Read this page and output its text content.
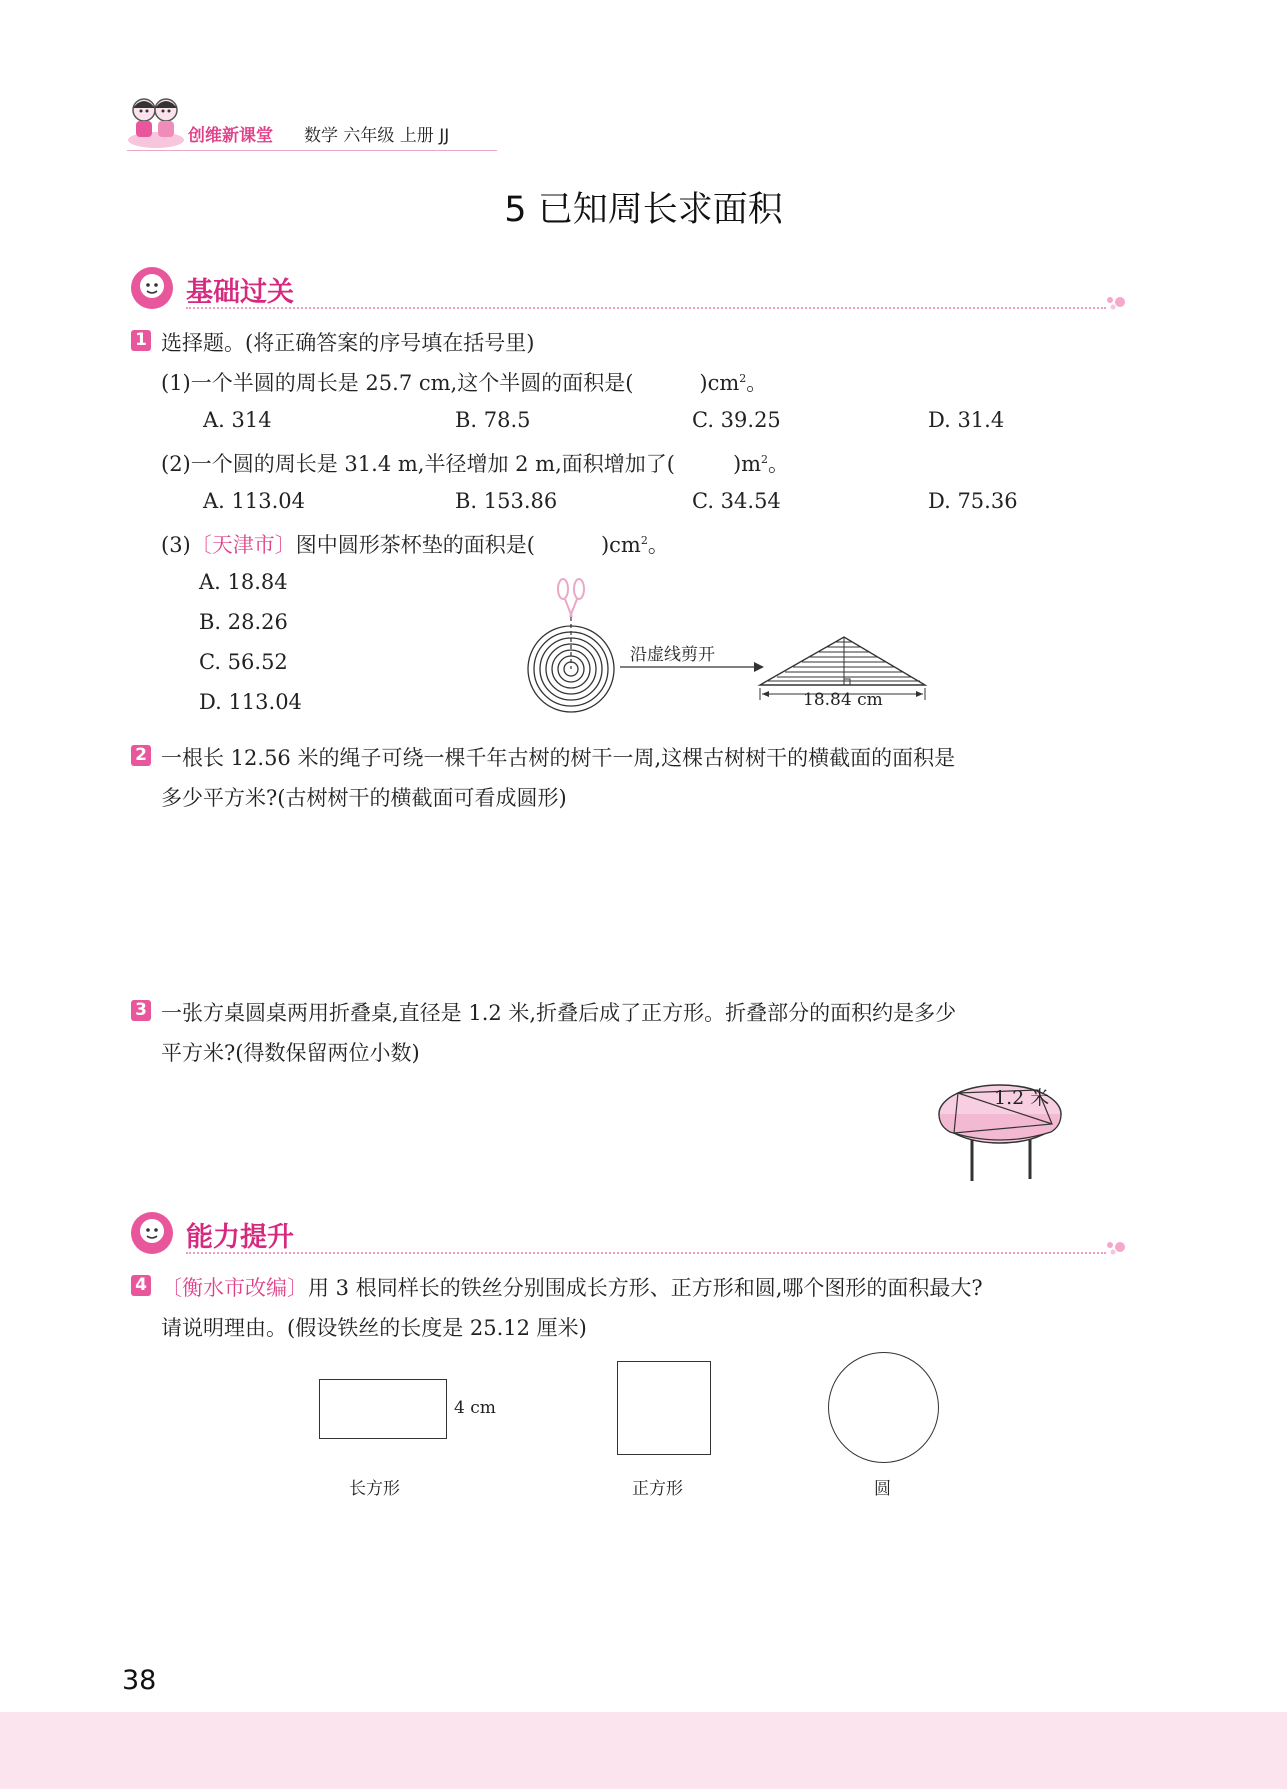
创维新课堂 数学 六年级 上册 JJ
5 已知周长求面积
基础过关
1 选择题。(将正确答案的序号填在括号里)
(1)一个半圆的周长是 25.7 cm,这个半圆的面积是(	)$cm^2$。
A. 314	B. 78.5	C. 39.25	D. 31.4
(2)一个圆的周长是 31.4 m,半径增加 2 m,面积增加了(	)$m^2$。
A. 113.04	B. 153.86	C. 34.54	D. 75.36
(3)〔天津市〕图中圆形茶杯垫的面积是(	)$cm^2$。
A. 18.84
B. 28.26
C. 56.52
D. 113.04
沿虚线剪开
18.84 cm
2 一根长 12.56 米的绳子可绕一棵千年古树的树干一周,这棵古树树干的横截面的面积是
多少平方米?(古树树干的横截面可看成圆形)
3 一张方桌圆桌两用折叠桌,直径是 1.2 米,折叠后成了正方形。折叠部分的面积约是多少
平方米?(得数保留两位小数)
1.2 米
能力提升
4 〔衡水市改编〕用 3 根同样长的铁丝分别围成长方形、正方形和圆,哪个图形的面积最大?
请说明理由。(假设铁丝的长度是 25.12 厘米)
4 cm
长方形	正方形	圆
38
